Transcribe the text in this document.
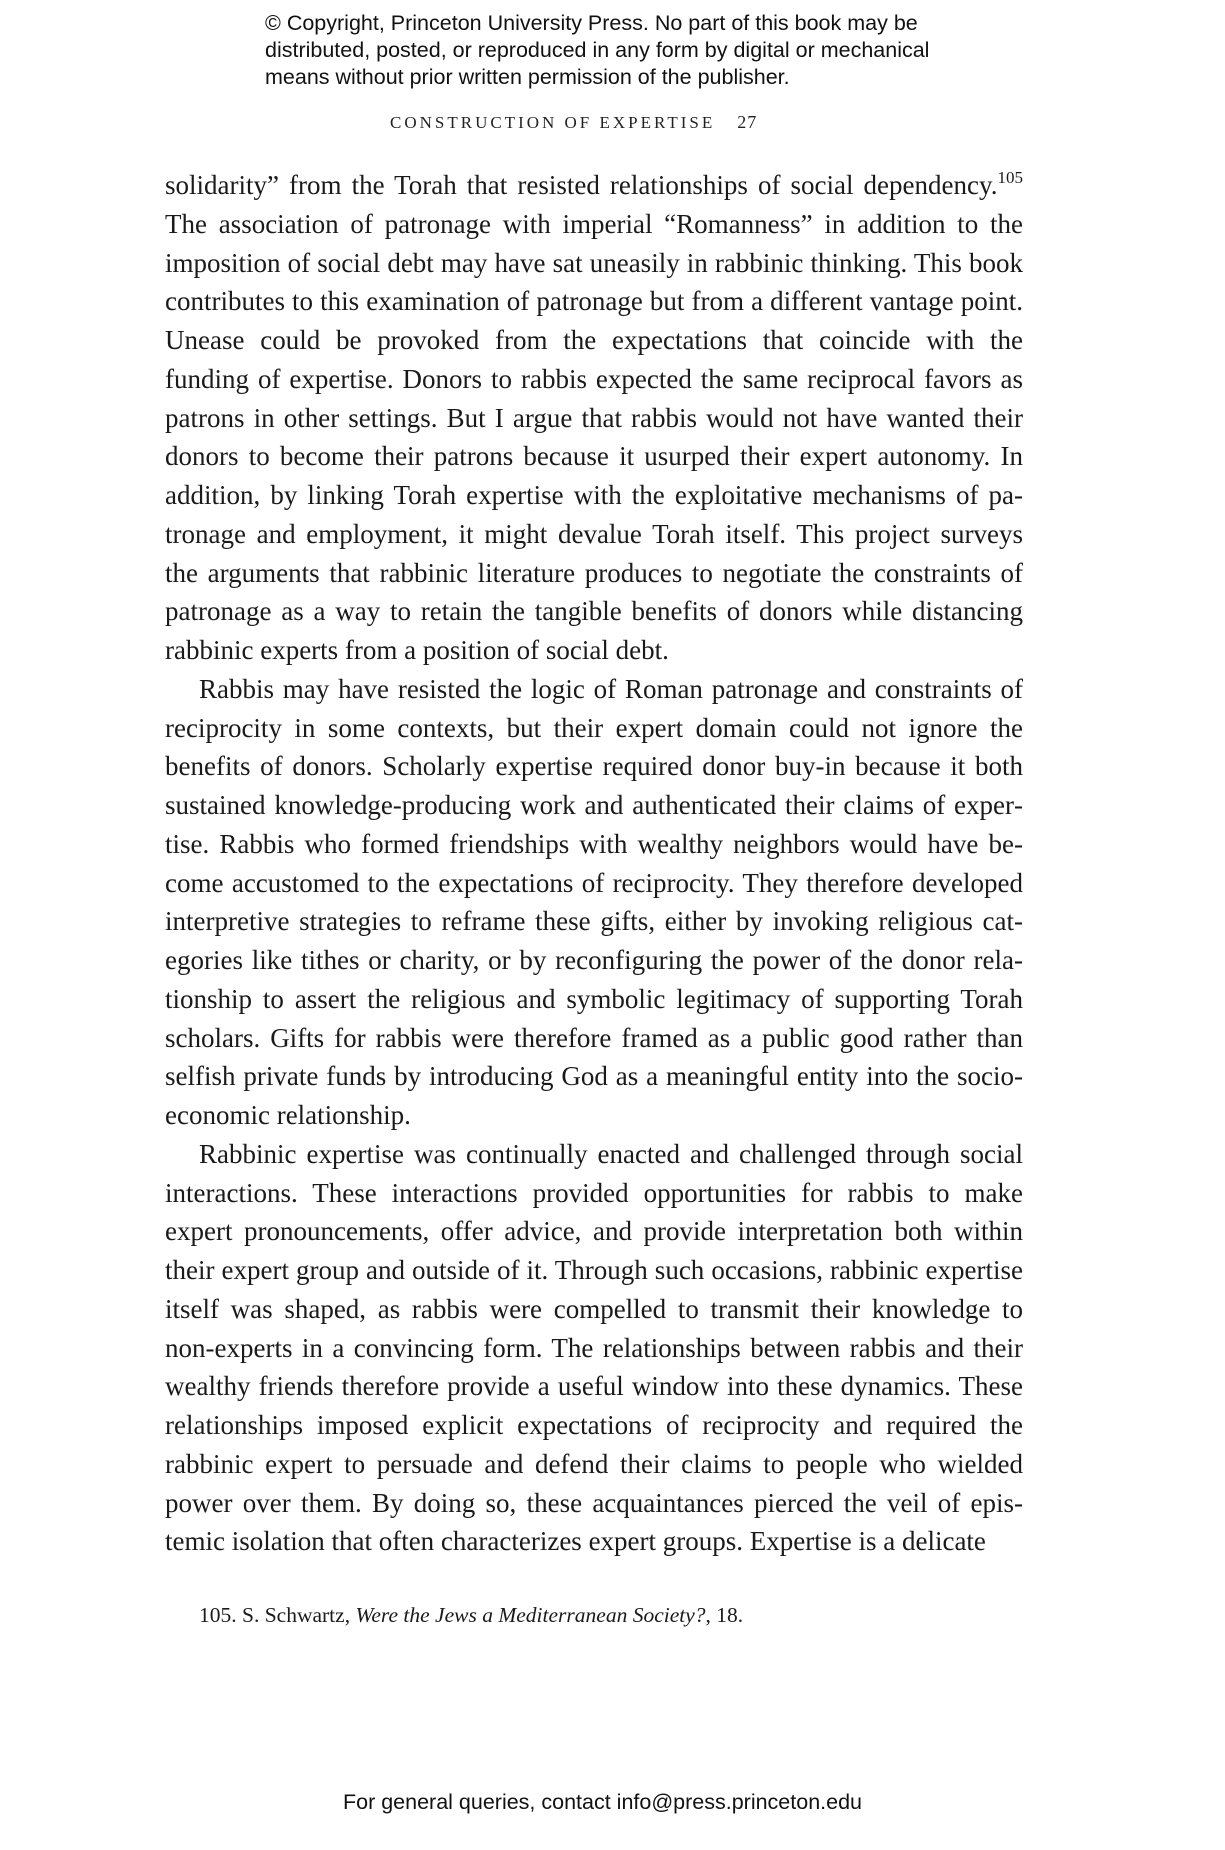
© Copyright, Princeton University Press. No part of this book may be
distributed, posted, or reproduced in any form by digital or mechanical
means without prior written permission of the publisher.
CONSTRUCTION OF EXPERTISE 27

solidarity” from the Torah that resisted relationships of social dependency.$^{105}$ The association of patronage with imperial “Romanness” in addition to the imposition of social debt may have sat uneasily in rabbinic thinking. This book contributes to this examination of patronage but from a different vantage point. Unease could be provoked from the expectations that coincide with the funding of expertise. Donors to rabbis expected the same reciprocal favors as patrons in other settings. But I argue that rabbis would not have wanted their donors to become their patrons because it usurped their expert autonomy. In addition, by linking Torah expertise with the exploitative mechanisms of patronage and employment, it might devalue Torah itself. This project surveys the arguments that rabbinic literature produces to negotiate the constraints of patronage as a way to retain the tangible benefits of donors while distancing rabbinic experts from a position of social debt.

Rabbis may have resisted the logic of Roman patronage and constraints of reciprocity in some contexts, but their expert domain could not ignore the benefits of donors. Scholarly expertise required donor buy-in because it both sustained knowledge-producing work and authenticated their claims of expertise. Rabbis who formed friendships with wealthy neighbors would have become accustomed to the expectations of reciprocity. They therefore developed interpretive strategies to reframe these gifts, either by invoking religious categories like tithes or charity, or by reconfiguring the power of the donor relationship to assert the religious and symbolic legitimacy of supporting Torah scholars. Gifts for rabbis were therefore framed as a public good rather than selfish private funds by introducing God as a meaningful entity into the socioeconomic relationship.

Rabbinic expertise was continually enacted and challenged through social interactions. These interactions provided opportunities for rabbis to make expert pronouncements, offer advice, and provide interpretation both within their expert group and outside of it. Through such occasions, rabbinic expertise itself was shaped, as rabbis were compelled to transmit their knowledge to non-experts in a convincing form. The relationships between rabbis and their wealthy friends therefore provide a useful window into these dynamics. These relationships imposed explicit expectations of reciprocity and required the rabbinic expert to persuade and defend their claims to people who wielded power over them. By doing so, these acquaintances pierced the veil of epistemic isolation that often characterizes expert groups. Expertise is a delicate

105. S. Schwartz, Were the Jews a Mediterranean Society?, 18.
For general queries, contact info@press.princeton.edu
